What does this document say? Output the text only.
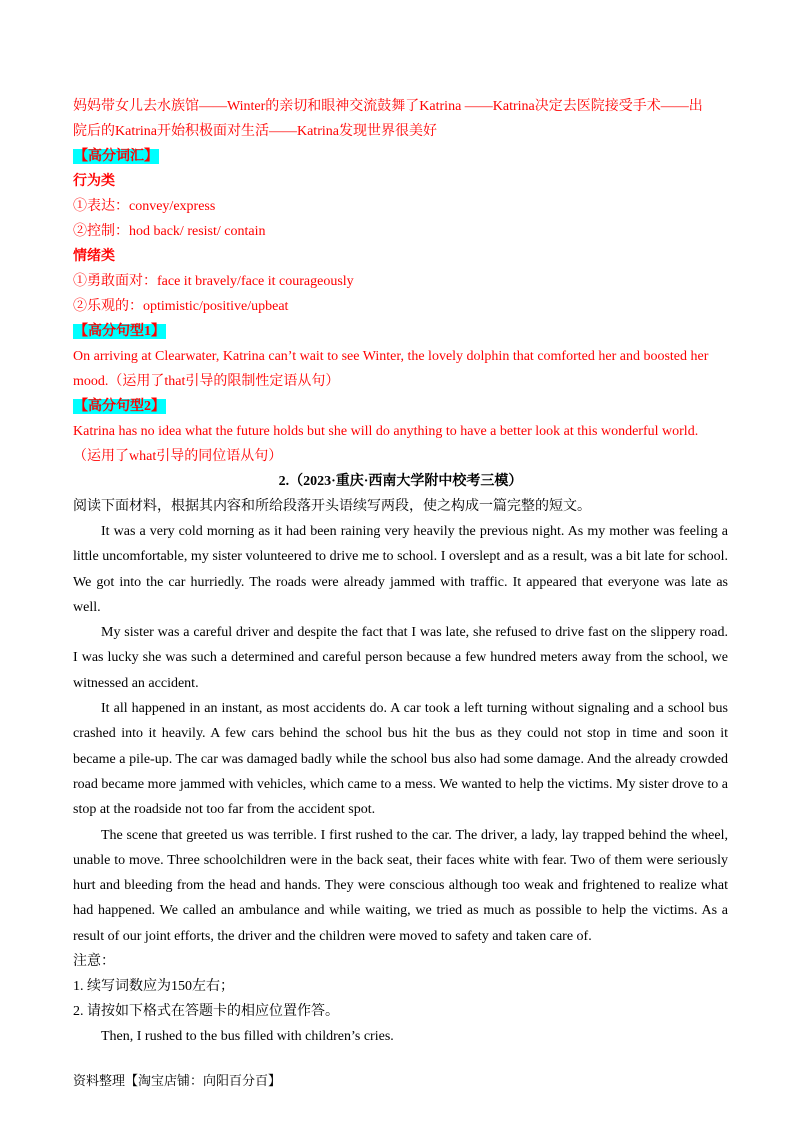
妈妈带女儿去水族馆——Winter的亲切和眼神交流鼓舞了Katrina ——Katrina决定去医院接受手术——出

院后的Katrina开始积极面对生活——Katrina发现世界很美好

【高分词汇】

行为类

①表达：convey/express

②控制：hod back/ resist/ contain

情绪类

①勇敢面对：face it bravely/face it courageously

②乐观的：optimistic/positive/upbeat

【高分句型1】

On arriving at Clearwater, Katrina can’t wait to see Winter, the lovely dolphin that comforted her and boosted her

mood.（运用了that引导的限制性定语从句）

【高分句型2】

Katrina has no idea what the future holds but she will do anything to have a better look at this wonderful world.

（运用了what引导的同位语从句）

2.（2023·重庆·西南大学附中校考三模）

阅读下面材料，根据其内容和所给段落开头语续写两段，使之构成一篇完整的短文。

It was a very cold morning as it had been raining very heavily the previous night. As my mother was feeling a little uncomfortable, my sister volunteered to drive me to school. I overslept and as a result, was a bit late for school. We got into the car hurriedly. The roads were already jammed with traffic. It appeared that everyone was late as well.

My sister was a careful driver and despite the fact that I was late, she refused to drive fast on the slippery road. I was lucky she was such a determined and careful person because a few hundred meters away from the school, we witnessed an accident.

It all happened in an instant, as most accidents do. A car took a left turning without signaling and a school bus crashed into it heavily. A few cars behind the school bus hit the bus as they could not stop in time and soon it became a pile-up. The car was damaged badly while the school bus also had some damage. And the already crowded road became more jammed with vehicles, which came to a mess. We wanted to help the victims. My sister drove to a stop at the roadside not too far from the accident spot.

The scene that greeted us was terrible. I first rushed to the car. The driver, a lady, lay trapped behind the wheel, unable to move. Three schoolchildren were in the back seat, their faces white with fear. Two of them were seriously hurt and bleeding from the head and hands. They were conscious although too weak and frightened to realize what had happened. We called an ambulance and while waiting, we tried as much as possible to help the victims. As a result of our joint efforts, the driver and the children were moved to safety and taken care of.

注意：

1. 续写词数应为150左右；

2. 请按如下格式在答题卡的相应位置作答。

Then, I rushed to the bus filled with children’s cries.

资料整理【淘宝店铺：向阳百分百】
